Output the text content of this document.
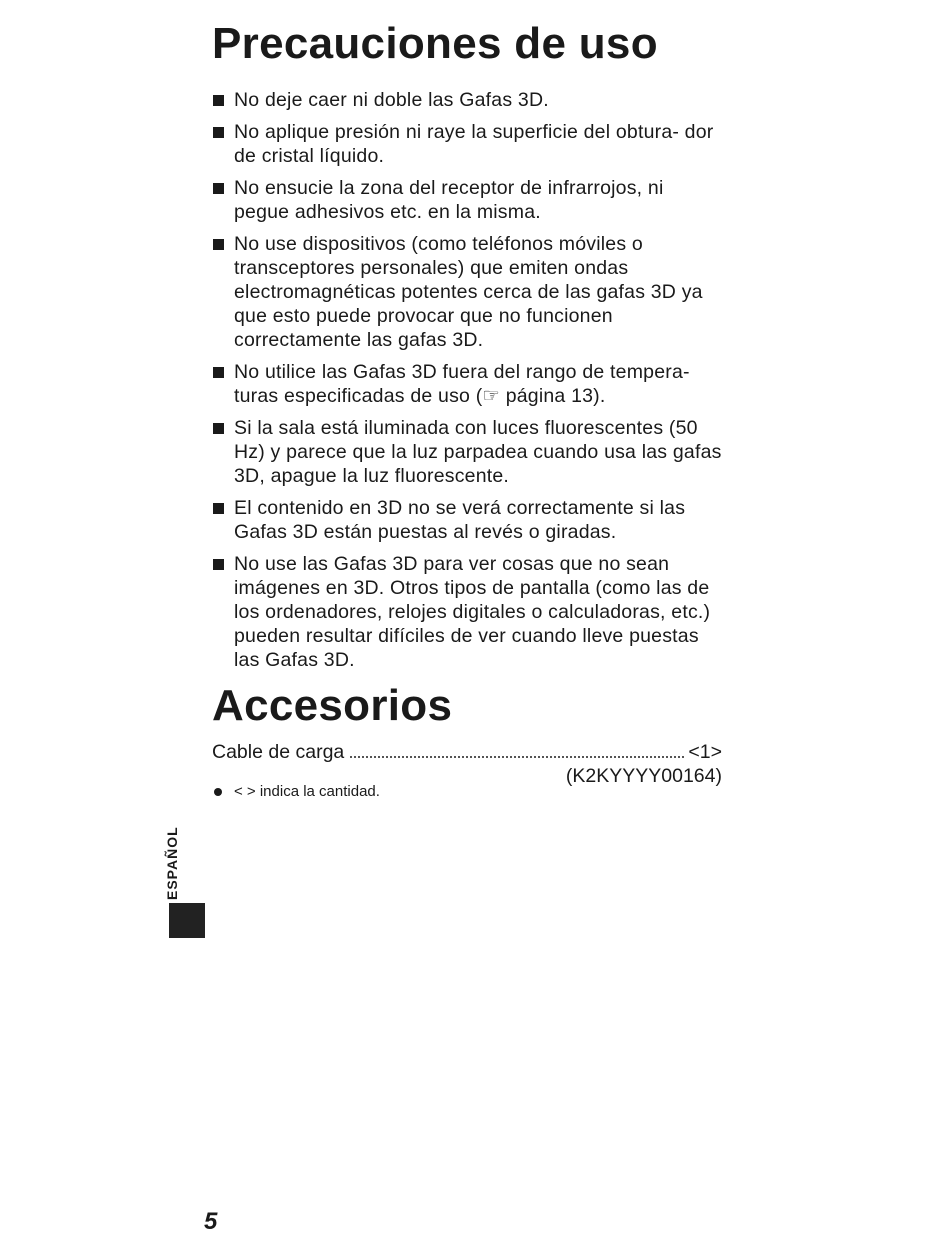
Precauciones de uso
No deje caer ni doble las Gafas 3D.
No aplique presión ni raye la superficie del obtura- dor de cristal líquido.
No ensucie la zona del receptor de infrarrojos, ni pegue adhesivos etc. en la misma.
No use dispositivos (como teléfonos móviles o transceptores personales) que emiten ondas electromagnéticas potentes cerca de las gafas 3D ya que esto puede provocar que no funcionen correctamente las gafas 3D.
No utilice las Gafas 3D fuera del rango de tempera- turas especificadas de uso (☞ página 13).
Si la sala está iluminada con luces fluorescentes (50 Hz) y parece que la luz parpadea cuando usa las gafas 3D, apague la luz fluorescente.
El contenido en 3D no se verá correctamente si las Gafas 3D están puestas al revés o giradas.
No use las Gafas 3D para ver cosas que no sean imágenes en 3D. Otros tipos de pantalla (como las de los ordenadores, relojes digitales o calculadoras, etc.) pueden resultar difíciles de ver cuando lleve puestas las Gafas 3D.
Accesorios
Cable de carga	<1>
(K2KYYYY00164)
< > indica la cantidad.
ESPAÑOL
5
